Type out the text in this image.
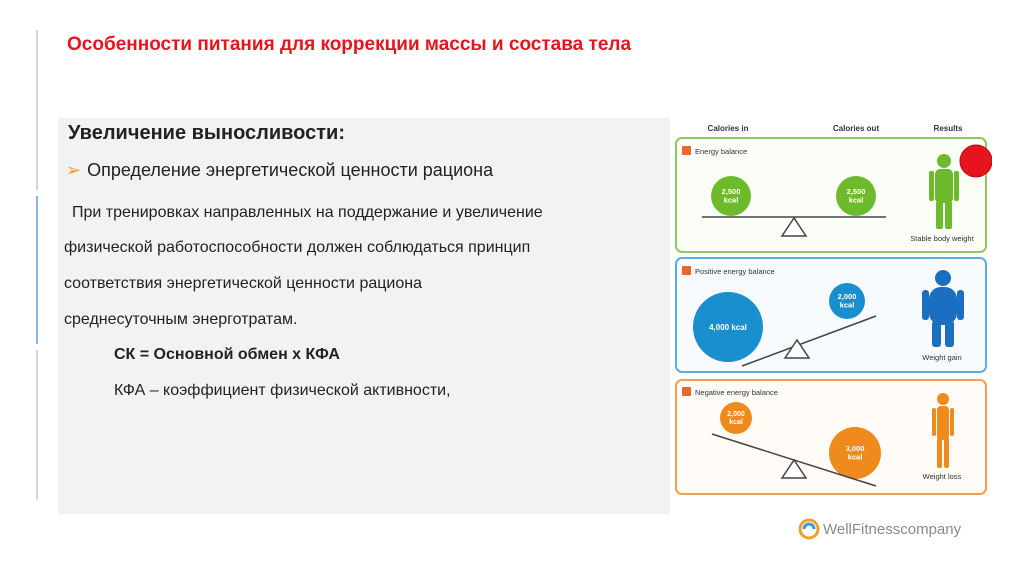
Особенности питания для коррекции массы и состава тела
Увеличение выносливости:
➢ Определение энергетической ценности рациона
При тренировках направленных на поддержание и увеличение
физической работоспособности должен соблюдаться принцип
соответствия энергетической ценности рациона
среднесуточным энерготратам.
СК = Основной обмен х КФА
КФА – коэффициент физической активности,
Calories in	Calories out	Results
Energy balance
2,500 kcal
2,500 kcal
Stable body weight
Positive energy balance
4,000 kcal
2,000 kcal
Weight gain
Negative energy balance
2,000 kcal
3,000 kcal
Weight loss
WellFitnesscompany
